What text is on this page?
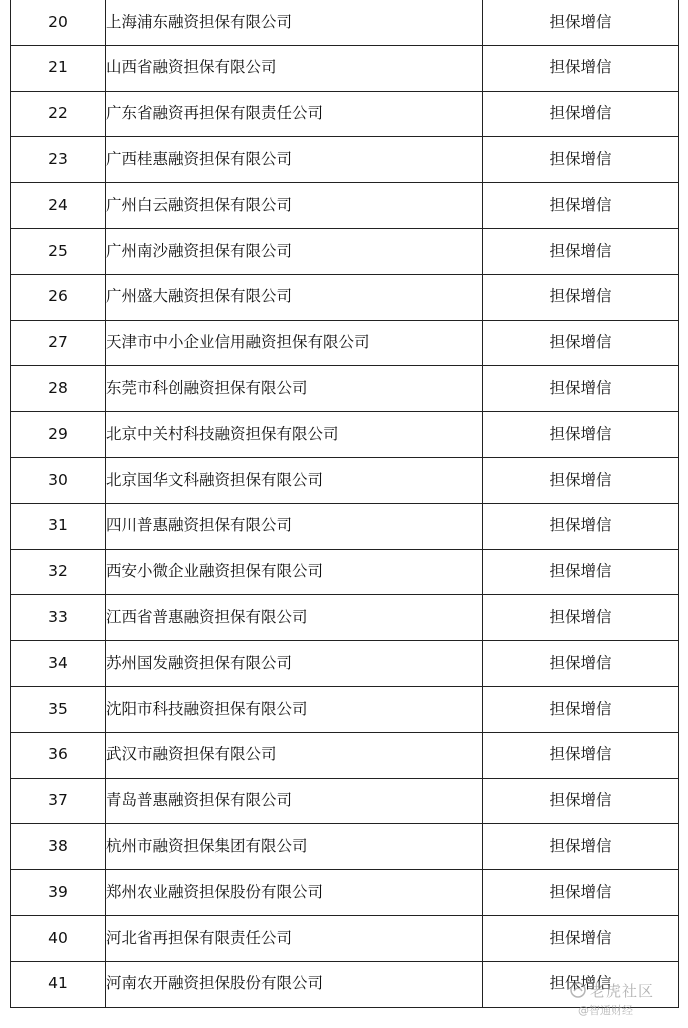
20	上海浦东融资担保有限公司	担保增信
21	山西省融资担保有限公司	担保增信
22	广东省融资再担保有限责任公司	担保增信
23	广西桂惠融资担保有限公司	担保增信
24	广州白云融资担保有限公司	担保增信
25	广州南沙融资担保有限公司	担保增信
26	广州盛大融资担保有限公司	担保增信
27	天津市中小企业信用融资担保有限公司	担保增信
28	东莞市科创融资担保有限公司	担保增信
29	北京中关村科技融资担保有限公司	担保增信
30	北京国华文科融资担保有限公司	担保增信
31	四川普惠融资担保有限公司	担保增信
32	西安小微企业融资担保有限公司	担保增信
33	江西省普惠融资担保有限公司	担保增信
34	苏州国发融资担保有限公司	担保增信
35	沈阳市科技融资担保有限公司	担保增信
36	武汉市融资担保有限公司	担保增信
37	青岛普惠融资担保有限公司	担保增信
38	杭州市融资担保集团有限公司	担保增信
39	郑州农业融资担保股份有限公司	担保增信
40	河北省再担保有限责任公司	担保增信
41	河南农开融资担保股份有限公司	担保增信
老虎社区
@智通财经
